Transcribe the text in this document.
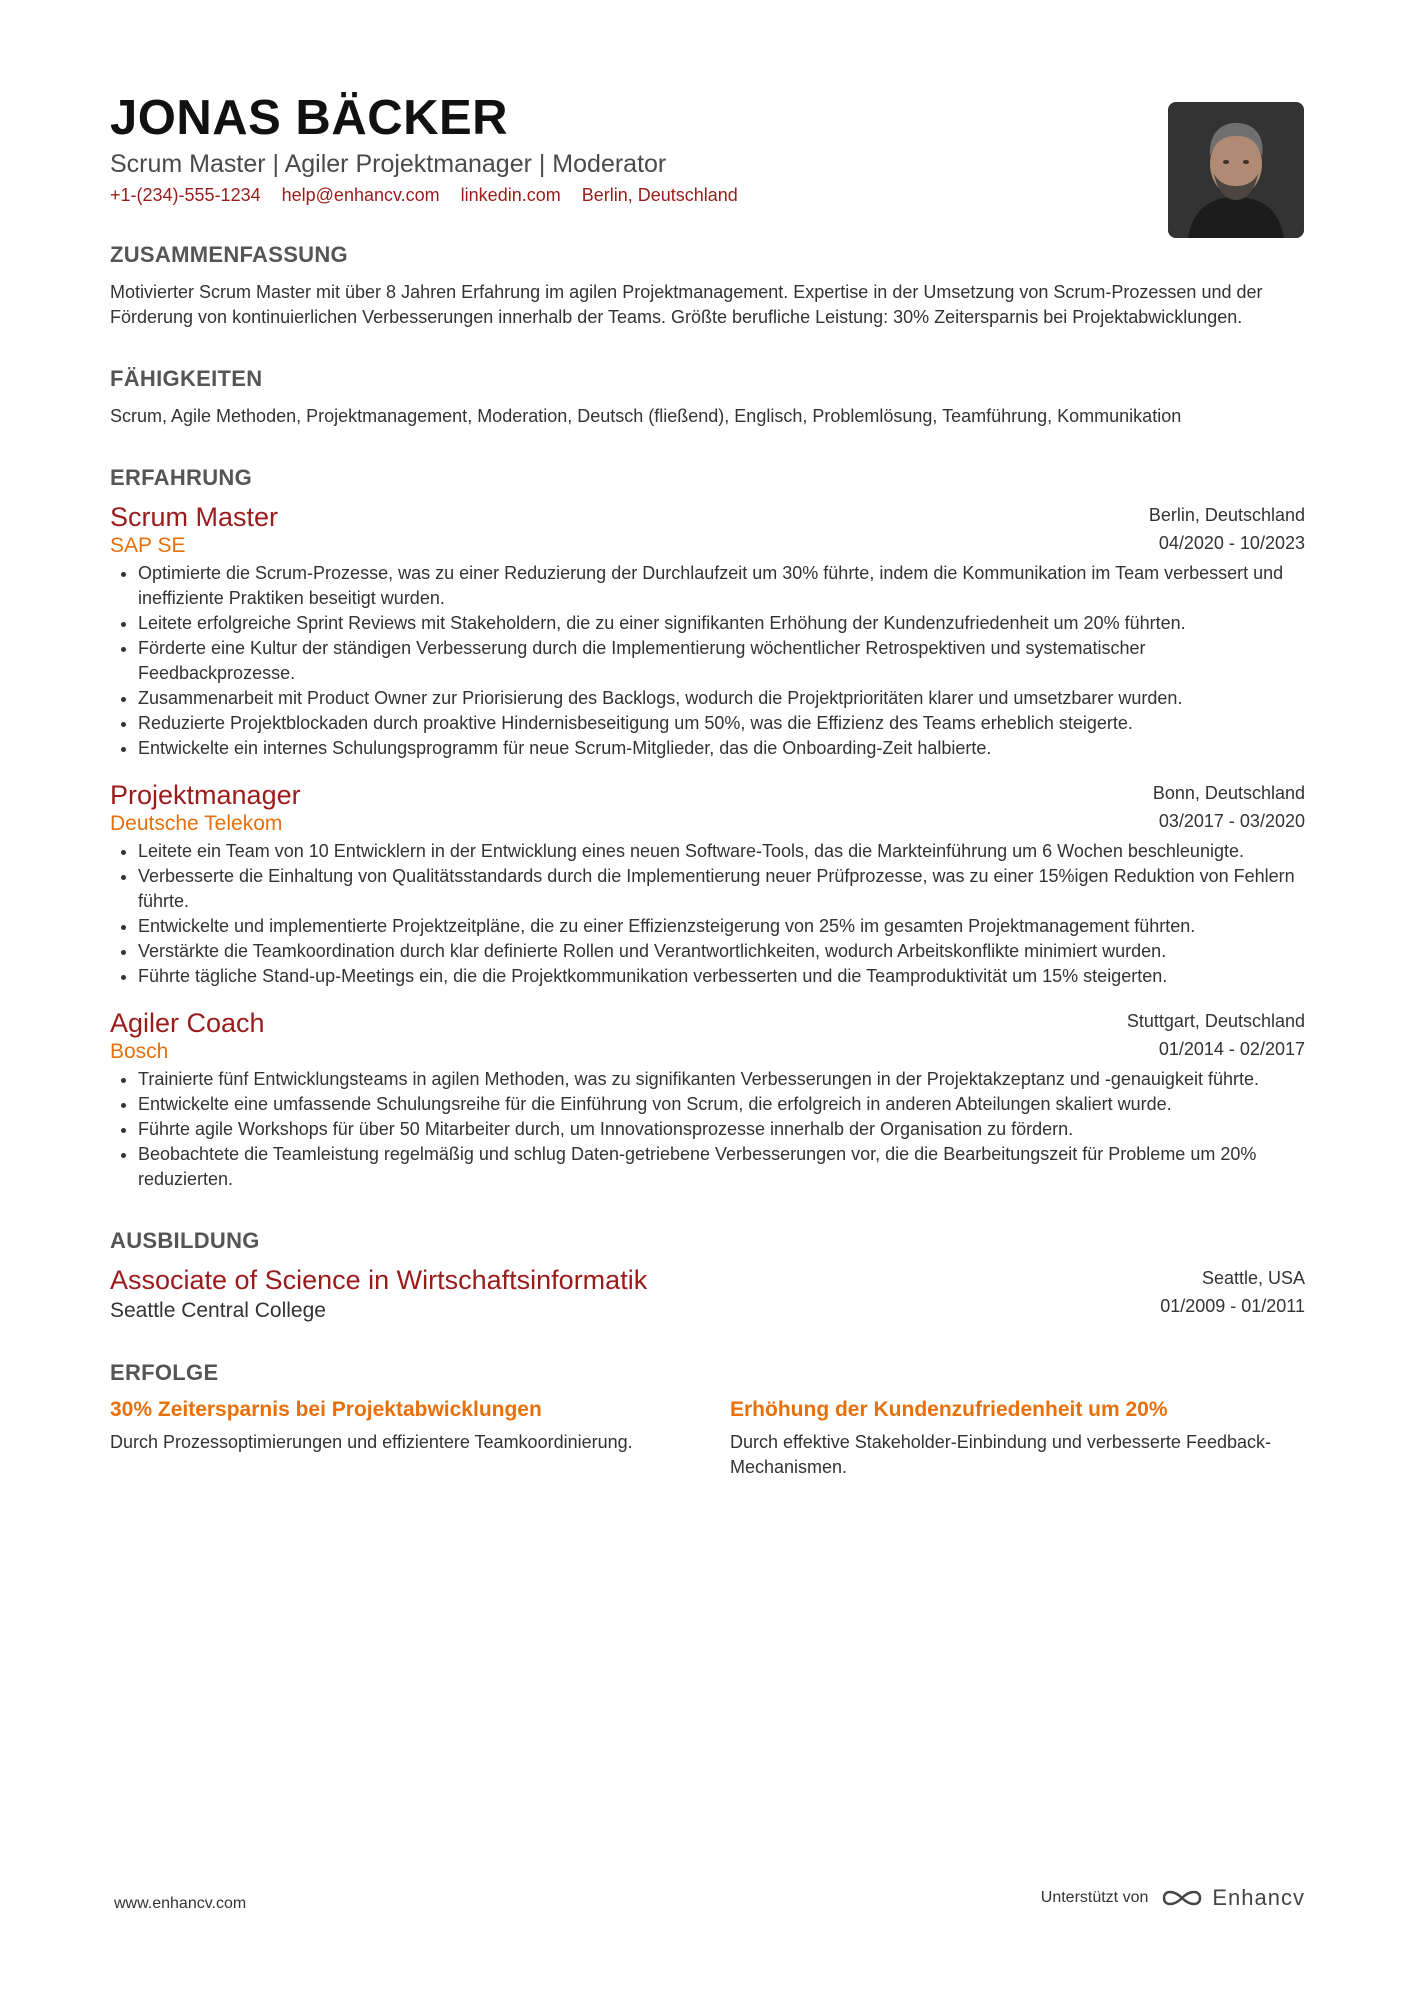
JONAS BÄCKER
Scrum Master | Agiler Projektmanager | Moderator
+1-(234)-555-1234 help@enhancv.com linkedin.com Berlin, Deutschland
ZUSAMMENFASSUNG
Motivierter Scrum Master mit über 8 Jahren Erfahrung im agilen Projektmanagement. Expertise in der Umsetzung von Scrum-Prozessen und der Förderung von kontinuierlichen Verbesserungen innerhalb der Teams. Größte berufliche Leistung: 30% Zeitersparnis bei Projektabwicklungen.
FÄHIGKEITEN
Scrum, Agile Methoden, Projektmanagement, Moderation, Deutsch (fließend), Englisch, Problemlösung, Teamführung, Kommunikation
ERFAHRUNG
Scrum Master
SAP SE
Berlin, Deutschland
04/2020 - 10/2023
• Optimierte die Scrum-Prozesse, was zu einer Reduzierung der Durchlaufzeit um 30% führte, indem die Kommunikation im Team verbessert und ineffiziente Praktiken beseitigt wurden.
• Leitete erfolgreiche Sprint Reviews mit Stakeholdern, die zu einer signifikanten Erhöhung der Kundenzufriedenheit um 20% führten.
• Förderte eine Kultur der ständigen Verbesserung durch die Implementierung wöchentlicher Retrospektiven und systematischer Feedbackprozesse.
• Zusammenarbeit mit Product Owner zur Priorisierung des Backlogs, wodurch die Projektprioritäten klarer und umsetzbarer wurden.
• Reduzierte Projektblockaden durch proaktive Hindernisbeseitigung um 50%, was die Effizienz des Teams erheblich steigerte.
• Entwickelte ein internes Schulungsprogramm für neue Scrum-Mitglieder, das die Onboarding-Zeit halbierte.
Projektmanager
Deutsche Telekom
Bonn, Deutschland
03/2017 - 03/2020
• Leitete ein Team von 10 Entwicklern in der Entwicklung eines neuen Software-Tools, das die Markteinführung um 6 Wochen beschleunigte.
• Verbesserte die Einhaltung von Qualitätsstandards durch die Implementierung neuer Prüfprozesse, was zu einer 15%igen Reduktion von Fehlern führte.
• Entwickelte und implementierte Projektzeitpläne, die zu einer Effizienzsteigerung von 25% im gesamten Projektmanagement führten.
• Verstärkte die Teamkoordination durch klar definierte Rollen und Verantwortlichkeiten, wodurch Arbeitskonflikte minimiert wurden.
• Führte tägliche Stand-up-Meetings ein, die die Projektkommunikation verbesserten und die Teamproduktivität um 15% steigerten.
Agiler Coach
Bosch
Stuttgart, Deutschland
01/2014 - 02/2017
• Trainierte fünf Entwicklungsteams in agilen Methoden, was zu signifikanten Verbesserungen in der Projektakzeptanz und -genauigkeit führte.
• Entwickelte eine umfassende Schulungsreihe für die Einführung von Scrum, die erfolgreich in anderen Abteilungen skaliert wurde.
• Führte agile Workshops für über 50 Mitarbeiter durch, um Innovationsprozesse innerhalb der Organisation zu fördern.
• Beobachtete die Teamleistung regelmäßig und schlug Daten-getriebene Verbesserungen vor, die die Bearbeitungszeit für Probleme um 20% reduzierten.
AUSBILDUNG
Associate of Science in Wirtschaftsinformatik
Seattle Central College
Seattle, USA
01/2009 - 01/2011
ERFOLGE
30% Zeitersparnis bei Projektabwicklungen
Durch Prozessoptimierungen und effizientere Teamkoordinierung.
Erhöhung der Kundenzufriedenheit um 20%
Durch effektive Stakeholder-Einbindung und verbesserte Feedback-Mechanismen.
www.enhancv.com	Unterstützt von	Enhancv
